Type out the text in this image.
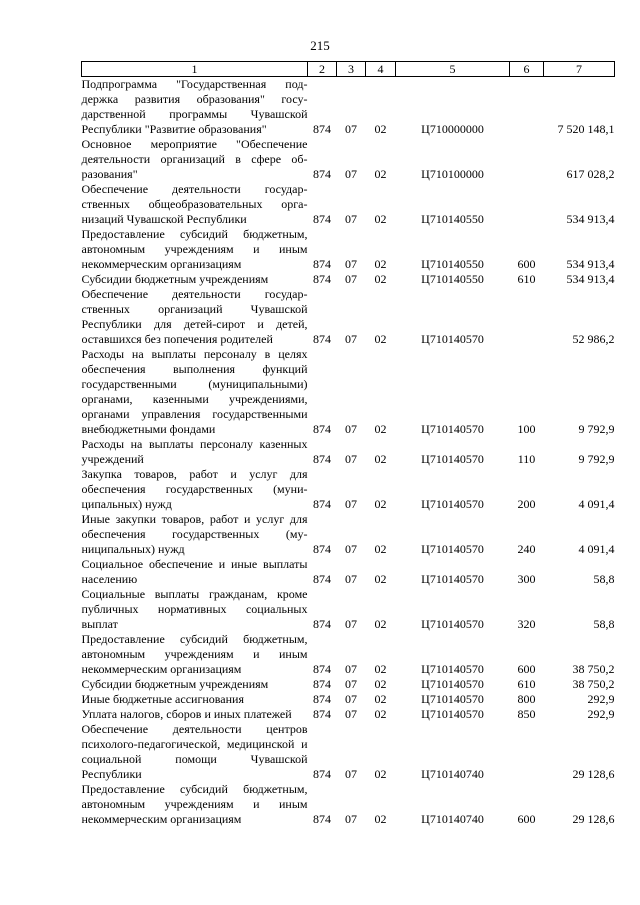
215
1	2	3	4	5	6	7
Подпрограмма "Государственная поддержка развития образования" государственной программы Чувашской Республики "Развитие образования"	874	07	02	Ц710000000		7 520 148,1
Основное мероприятие "Обеспечение деятельности организаций в сфере образования"	874	07	02	Ц710100000		617 028,2
Обеспечение деятельности государственных общеобразовательных организаций Чувашской Республики	874	07	02	Ц710140550		534 913,4
Предоставление субсидий бюджетным, автономным учреждениям и иным некоммерческим организациям	874	07	02	Ц710140550	600	534 913,4
Субсидии бюджетным учреждениям	874	07	02	Ц710140550	610	534 913,4
Обеспечение деятельности государственных организаций Чувашской Республики для детей-сирот и детей, оставшихся без попечения родителей	874	07	02	Ц710140570		52 986,2
Расходы на выплаты персоналу в целях обеспечения выполнения функций государственными (муниципальными) органами, казенными учреждениями, органами управления государственными внебюджетными фондами	874	07	02	Ц710140570	100	9 792,9
Расходы на выплаты персоналу казенных учреждений	874	07	02	Ц710140570	110	9 792,9
Закупка товаров, работ и услуг для обеспечения государственных (муниципальных) нужд	874	07	02	Ц710140570	200	4 091,4
Иные закупки товаров, работ и услуг для обеспечения государственных (муниципальных) нужд	874	07	02	Ц710140570	240	4 091,4
Социальное обеспечение и иные выплаты населению	874	07	02	Ц710140570	300	58,8
Социальные выплаты гражданам, кроме публичных нормативных социальных выплат	874	07	02	Ц710140570	320	58,8
Предоставление субсидий бюджетным, автономным учреждениям и иным некоммерческим организациям	874	07	02	Ц710140570	600	38 750,2
Субсидии бюджетным учреждениям	874	07	02	Ц710140570	610	38 750,2
Иные бюджетные ассигнования	874	07	02	Ц710140570	800	292,9
Уплата налогов, сборов и иных платежей	874	07	02	Ц710140570	850	292,9
Обеспечение деятельности центров психолого-педагогической, медицинской и социальной помощи Чувашской Республики	874	07	02	Ц710140740		29 128,6
Предоставление субсидий бюджетным, автономным учреждениям и иным некоммерческим организациям	874	07	02	Ц710140740	600	29 128,6
